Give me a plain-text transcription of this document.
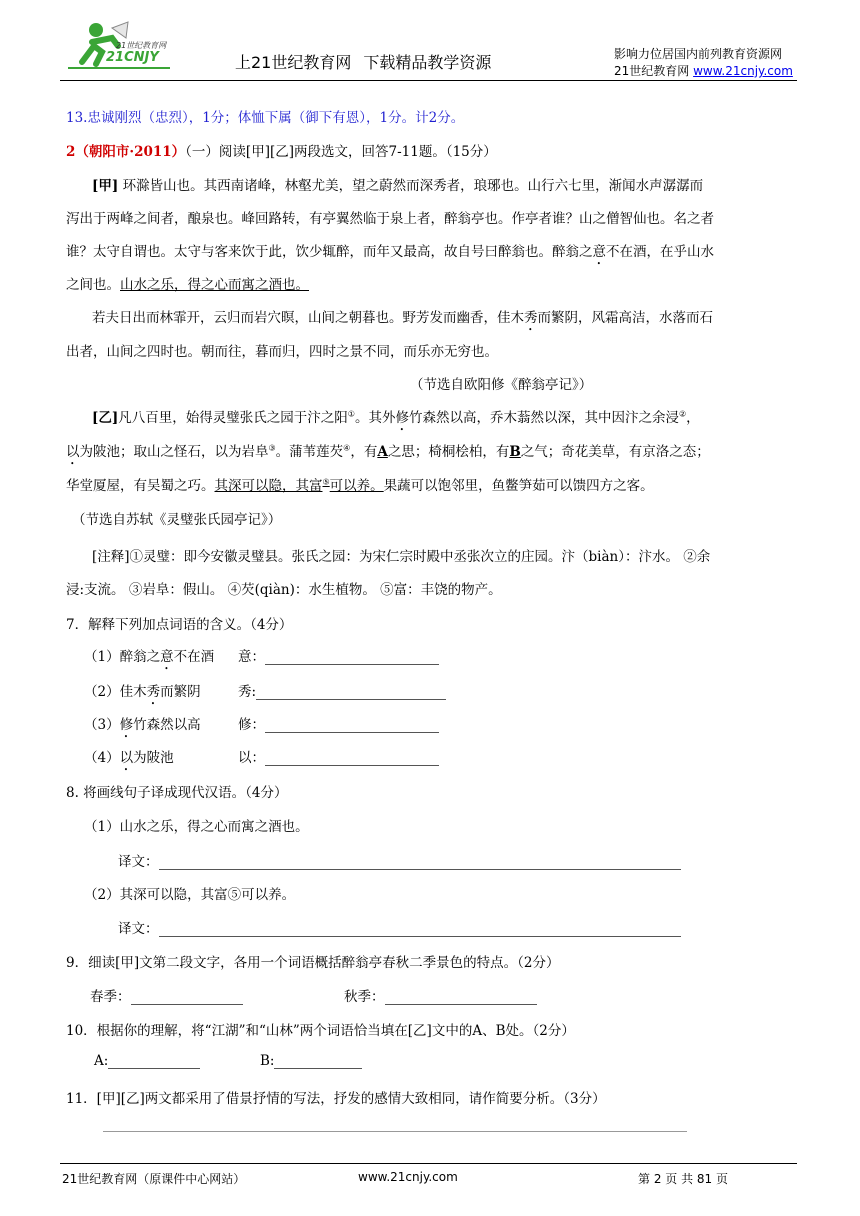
21世纪教育网
21CNJY	上21世纪教育网 下载精品教学资源	影响力位居国内前列教育资源网
21世纪教育网 www.21cnjy.com
13.忠诚刚烈（忠烈），1分；体恤下属（御下有恩），1分。计2分。
2（朝阳市·2011）（一）阅读[甲][乙]两段选文，回答7-11题。（15分）
[甲] 环滁皆山也。其西南诸峰，林壑尤美，望之蔚然而深秀者，琅琊也。山行六七里，渐闻水声潺潺而
泻出于两峰之间者，酿泉也。峰回路转，有亭翼然临于泉上者，醉翁亭也。作亭者谁？山之僧智仙也。名之者
谁？太守自谓也。太守与客来饮于此，饮少辄醉，而年又最高，故自号曰醉翁也。醉翁之意不在酒，在乎山水
之间也。山水之乐，得之心而寓之酒也。
若夫日出而林霏开，云归而岩穴暝，山间之朝暮也。野芳发而幽香，佳木秀而繁阴，风霜高洁，水落而石
出者，山间之四时也。朝而往，暮而归，四时之景不同，而乐亦无穷也。
（节选自欧阳修《醉翁亭记》）
[乙]凡八百里，始得灵璧张氏之园于汴之阳①。其外修竹森然以高，乔木蓊然以深，其中因汴之余浸②，
以为陂池；取山之怪石，以为岩阜③。蒲苇莲芡④，有A之思；椅桐桧柏，有B之气；奇花美草，有京洛之态；
华堂厦屋，有吴蜀之巧。其深可以隐，其富⑤可以养。果蔬可以饱邻里，鱼鳖笋茹可以馈四方之客。
（节选自苏轼《灵璧张氏园亭记》）
[注释]①灵璧：即今安徽灵璧县。张氏之园：为宋仁宗时殿中丞张次立的庄园。汴（biàn）：汴水。 ②余
浸:支流。 ③岩阜：假山。 ④芡(qiàn)：水生植物。 ⑤富：丰饶的物产。
7．解释下列加点词语的含义。（4分）
（1）醉翁之意不在酒 意：
（2）佳木秀而繁阴	秀:
（3）修竹森然以高	修：
（4）以为陂池	以：
8. 将画线句子译成现代汉语。（4分）
（1）山水之乐，得之心而寓之酒也。
译文：
（2）其深可以隐，其富⑤可以养。
译文：
9．细读[甲]文第二段文字，各用一个词语概括醉翁亭春秋二季景色的特点。（2分）
春季：	秋季：
10．根据你的理解，将“江湖”和“山林”两个词语恰当填在[乙]文中的A、B处。（2分）
A:	B:
11．[甲][乙]两文都采用了借景抒情的写法，抒发的感情大致相同，请作简要分析。（3分）
21世纪教育网（原课件中心网站）	www.21cnjy.com	第 2 页 共 81 页
